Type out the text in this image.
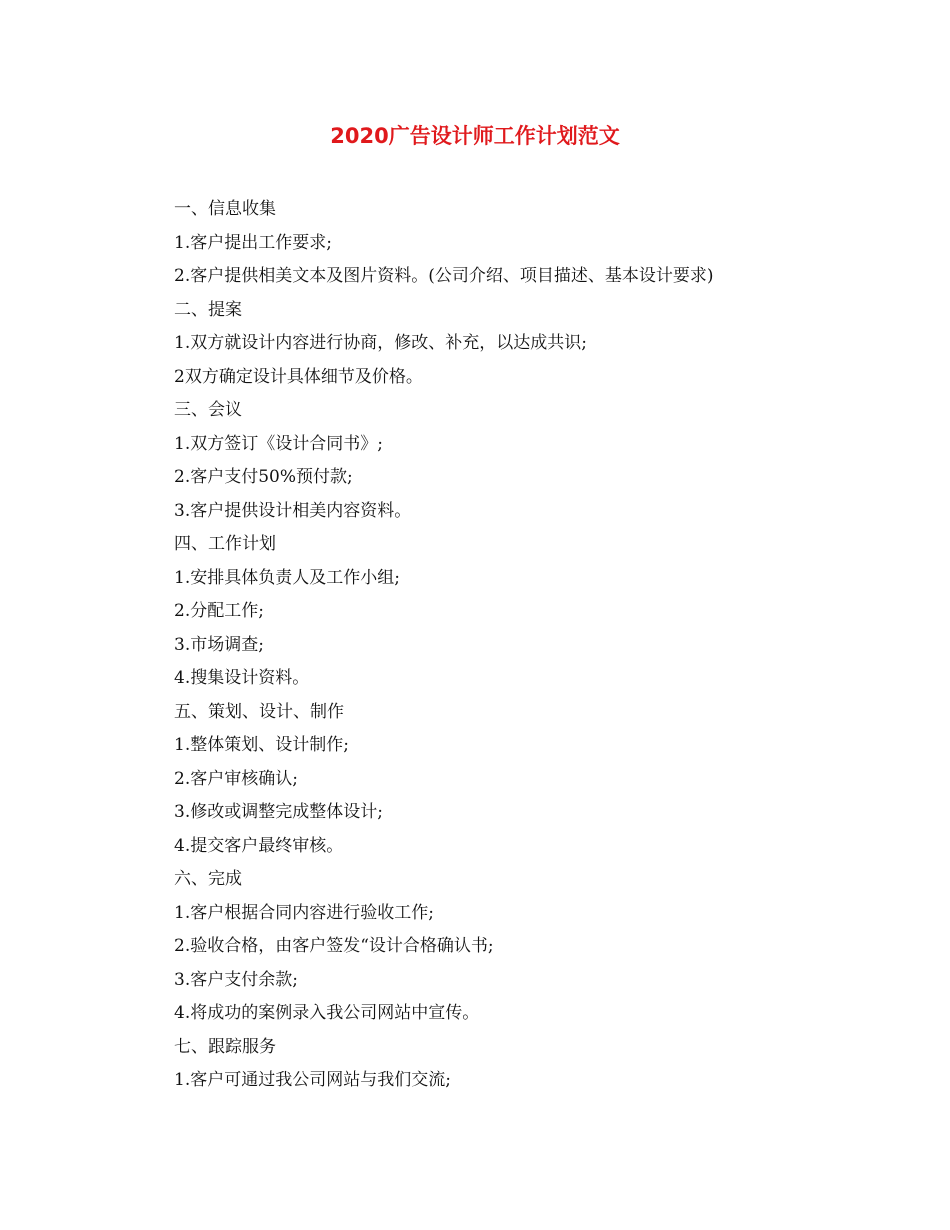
2020广告设计师工作计划范文
一、信息收集
1.客户提出工作要求;
2.客户提供相美文本及图片资料。(公司介绍、项目描述、基本设计要求)
二、提案
1.双方就设计内容进行协商，修改、补充，以达成共识;
2双方确定设计具体细节及价格。
三、会议
1.双方签订《设计合同书》;
2.客户支付50%预付款;
3.客户提供设计相美内容资料。
四、工作计划
1.安排具体负责人及工作小组;
2.分配工作;
3.市场调查;
4.搜集设计资料。
五、策划、设计、制作
1.整体策划、设计制作;
2.客户审核确认;
3.修改或调整完成整体设计;
4.提交客户最终审核。
六、完成
1.客户根据合同内容进行验收工作;
2.验收合格，由客户签发“设计合格确认书;
3.客户支付余款;
4.将成功的案例录入我公司网站中宣传。
七、跟踪服务
1.客户可通过我公司网站与我们交流;
